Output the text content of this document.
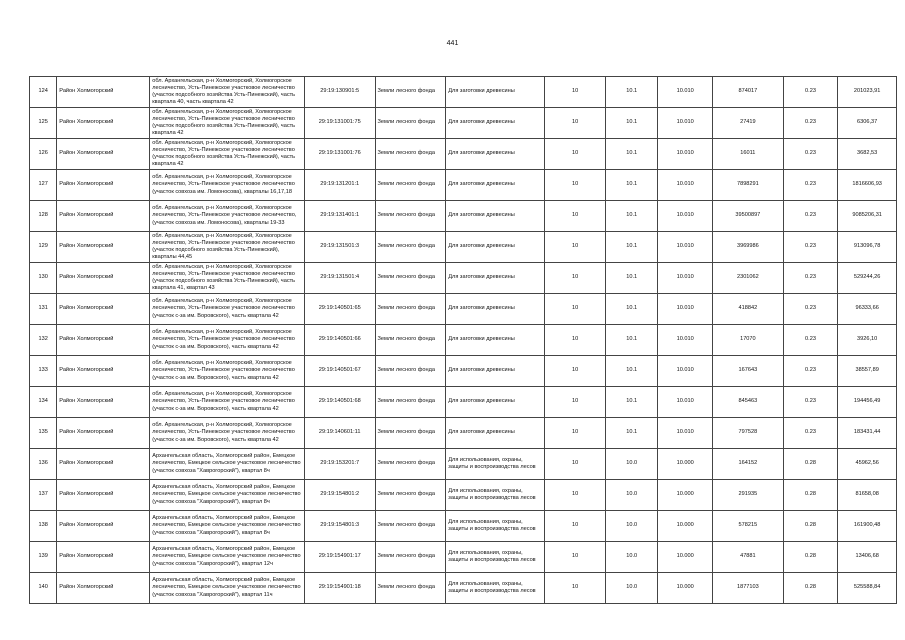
441
124	Район Холмогорский	обл. Архангельская, р-н Холмогорский, Холмогорское лесничество, Усть-Пинежское участковое лесничество (участок подсобного хозяйства Усть-Пинежский), часть квартала 40, часть квартала 42	29:19:130901:5	Земли лесного фонда	Для заготовки древесины	10	10.1	10.010	874017	0.23	201023,91
125	Район Холмогорский	обл. Архангельская, р-н Холмогорский, Холмогорское лесничество, Усть-Пинежское участковое лесничество (участок подсобного хозяйства Усть-Пинежский), часть квартала 42	29:19:131001:75	Земли лесного фонда	Для заготовки древесины	10	10.1	10.010	27419	0.23	6306,37
126	Район Холмогорский	обл. Архангельская, р-н Холмогорский, Холмогорское лесничество, Усть-Пинежское участковое лесничество (участок подсобного хозяйства Усть-Пинежский), часть квартала 42	29:19:131001:76	Земли лесного фонда	Для заготовки древесины	10	10.1	10.010	16011	0.23	3682,53
127	Район Холмогорский	обл. Архангельская, р-н Холмогорский, Холмогорское лесничество, Усть-Пинежское участковое лесничество (участок совхоза им. Ломоносова), кварталы 16,17,18	29:19:131201:1	Земли лесного фонда	Для заготовки древесины	10	10.1	10.010	7898291	0.23	1816606,93
128	Район Холмогорский	обл. Архангельская, р-н Холмогорский, Холмогорское лесничество, Усть-Пинежское участковое лесничество, (участок совхоза им. Ломоносова), кварталы 19-33	29:19:131401:1	Земли лесного фонда	Для заготовки древесины	10	10.1	10.010	39500897	0.23	9085206,31
129	Район Холмогорский	обл. Архангельская, р-н Холмогорский, Холмогорское лесничество, Усть-Пинежское участковое лесничество (участок подсобного хозяйства Усть-Пинежский), кварталы 44,45	29:19:131501:3	Земли лесного фонда	Для заготовки древесины	10	10.1	10.010	3969986	0.23	913096,78
130	Район Холмогорский	обл. Архангельская, р-н Холмогорский, Холмогорское лесничество, Усть-Пинежское участковое лесничество (участок подсобного хозяйства Усть-Пинежский), часть квартала 41, квартал 43	29:19:131501:4	Земли лесного фонда	Для заготовки древесины	10	10.1	10.010	2301062	0.23	529244,26
131	Район Холмогорский	обл. Архангельская, р-н Холмогорский, Холмогорское лесничество, Усть-Пинежское участковое лесничество (участок с-за им. Воровского), часть квартала 42	29:19:140501:65	Земли лесного фонда	Для заготовки древесины	10	10.1	10.010	418842	0.23	96333,66
132	Район Холмогорский	обл. Архангельская, р-н Холмогорский, Холмогорское лесничество, Усть-Пинежское участковое лесничество (участок с-за им. Воровского), часть квартала 42	29:19:140501:66	Земли лесного фонда	Для заготовки древесины	10	10.1	10.010	17070	0.23	3926,10
133	Район Холмогорский	обл. Архангельская, р-н Холмогорский, Холмогорское лесничество, Усть-Пинежское участковое лесничество (участок с-за им. Воровского), часть квартала 42	29:19:140501:67	Земли лесного фонда	Для заготовки древесины	10	10.1	10.010	167643	0.23	38557,89
134	Район Холмогорский	обл. Архангельская, р-н Холмогорский, Холмогорское лесничество, Усть-Пинежское участковое лесничество (участок с-за им. Воровского), часть квартала 42	29:19:140501:68	Земли лесного фонда	Для заготовки древесины	10	10.1	10.010	845463	0.23	194456,49
135	Район Холмогорский	обл. Архангельская, р-н Холмогорский, Холмогорское лесничество, Усть-Пинежское участковое лесничество (участок с-за им. Воровского), часть квартала 42	29:19:140601:11	Земли лесного фонда	Для заготовки древесины	10	10.1	10.010	797528	0.23	183431,44
136	Район Холмогорский	Архангельская область, Холмогорский район, Емецкое лесничество, Емецкое сельское участковое лесничество (участок совхоза "Хаврогорский"), квартал 8ч	29:19:153201:7	Земли лесного фонда	Для использования, охраны, защиты и воспроизводства лесов	10	10.0	10.000	164152	0.28	45962,56
137	Район Холмогорский	Архангельская область, Холмогорский район, Емецкое лесничество, Емецкое сельское участковое лесничество (участок совхоза "Хаврогорский"), квартал 8ч	29:19:154801:2	Земли лесного фонда	Для использования, охраны, защиты и воспроизводства лесов	10	10.0	10.000	291935	0.28	81658,08
138	Район Холмогорский	Архангельская область, Холмогорский район, Емецкое лесничество, Емецкое сельское участковое лесничество (участок совхоза "Хаврогорский"), квартал 8ч	29:19:154801:3	Земли лесного фонда	Для использования, охраны, защиты и воспроизводства лесов	10	10.0	10.000	578215	0.28	161900,48
139	Район Холмогорский	Архангельская область, Холмогорский район, Емецкое лесничество, Емецкое сельское участковое лесничество (участок совхоза "Хаврогорский"), квартал 12ч	29:19:154901:17	Земли лесного фонда	Для использования, охраны, защиты и воспроизводства лесов	10	10.0	10.000	47881	0.28	13406,68
140	Район Холмогорский	Архангельская область, Холмогорский район, Емецкое лесничество, Емецкое сельское участковое лесничество (участок совхоза "Хаврогорский"), квартал 11ч	29:19:154901:18	Земли лесного фонда	Для использования, охраны, защиты и воспроизводства лесов	10	10.0	10.000	1877103	0.28	525588,84
